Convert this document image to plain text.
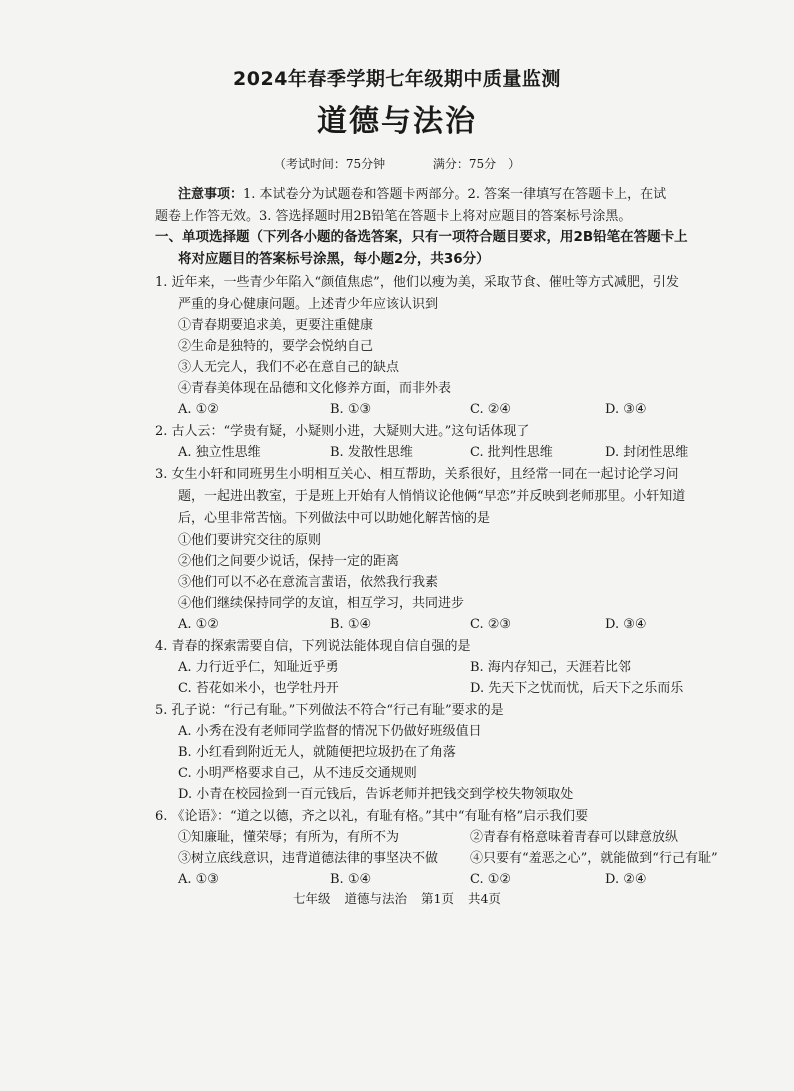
2024年春季学期七年级期中质量监测
道德与法治
（考试时间：75分钟	满分：75分　）
注意事项：1. 本试卷分为试题卷和答题卡两部分。2. 答案一律填写在答题卡上，在试
题卷上作答无效。3. 答选择题时用2B铅笔在答题卡上将对应题目的答案标号涂黑。
一、单项选择题（下列各小题的备选答案，只有一项符合题目要求，用2B铅笔在答题卡上
将对应题目的答案标号涂黑，每小题2分，共36分）
1. 近年来，一些青少年陷入“颜值焦虑”，他们以瘦为美，采取节食、催吐等方式减肥，引发
严重的身心健康问题。上述青少年应该认识到
①青春期要追求美，更要注重健康
②生命是独特的，要学会悦纳自己
③人无完人，我们不必在意自己的缺点
④青春美体现在品德和文化修养方面，而非外表
A. ①②	B. ①③	C. ②④	D. ③④
2. 古人云：“学贵有疑，小疑则小进，大疑则大进。”这句话体现了
A. 独立性思维	B. 发散性思维	C. 批判性思维	D. 封闭性思维
3. 女生小轩和同班男生小明相互关心、相互帮助，关系很好，且经常一同在一起讨论学习问
题，一起进出教室，于是班上开始有人悄悄议论他俩“早恋”并反映到老师那里。小轩知道
后，心里非常苦恼。下列做法中可以助她化解苦恼的是
①他们要讲究交往的原则
②他们之间要少说话，保持一定的距离
③他们可以不必在意流言蜚语，依然我行我素
④他们继续保持同学的友谊，相互学习，共同进步
A. ①②	B. ①④	C. ②③	D. ③④
4. 青春的探索需要自信，下列说法能体现自信自强的是
A. 力行近乎仁，知耻近乎勇	B. 海内存知己，天涯若比邻
C. 苔花如米小，也学牡丹开	D. 先天下之忧而忧，后天下之乐而乐
5. 孔子说：“行己有耻。”下列做法不符合“行己有耻”要求的是
A. 小秀在没有老师同学监督的情况下仍做好班级值日
B. 小红看到附近无人，就随便把垃圾扔在了角落
C. 小明严格要求自己，从不违反交通规则
D. 小青在校园捡到一百元钱后，告诉老师并把钱交到学校失物领取处
6. 《论语》：“道之以德，齐之以礼，有耻有格。”其中“有耻有格”启示我们要
①知廉耻，懂荣辱；有所为，有所不为	②青春有格意味着青春可以肆意放纵
③树立底线意识，违背道德法律的事坚决不做 ④只要有“羞恶之心”，就能做到“行己有耻”
A. ①③	B. ①④	C. ①②	D. ②④
七年级 道德与法治 第1页 共4页
